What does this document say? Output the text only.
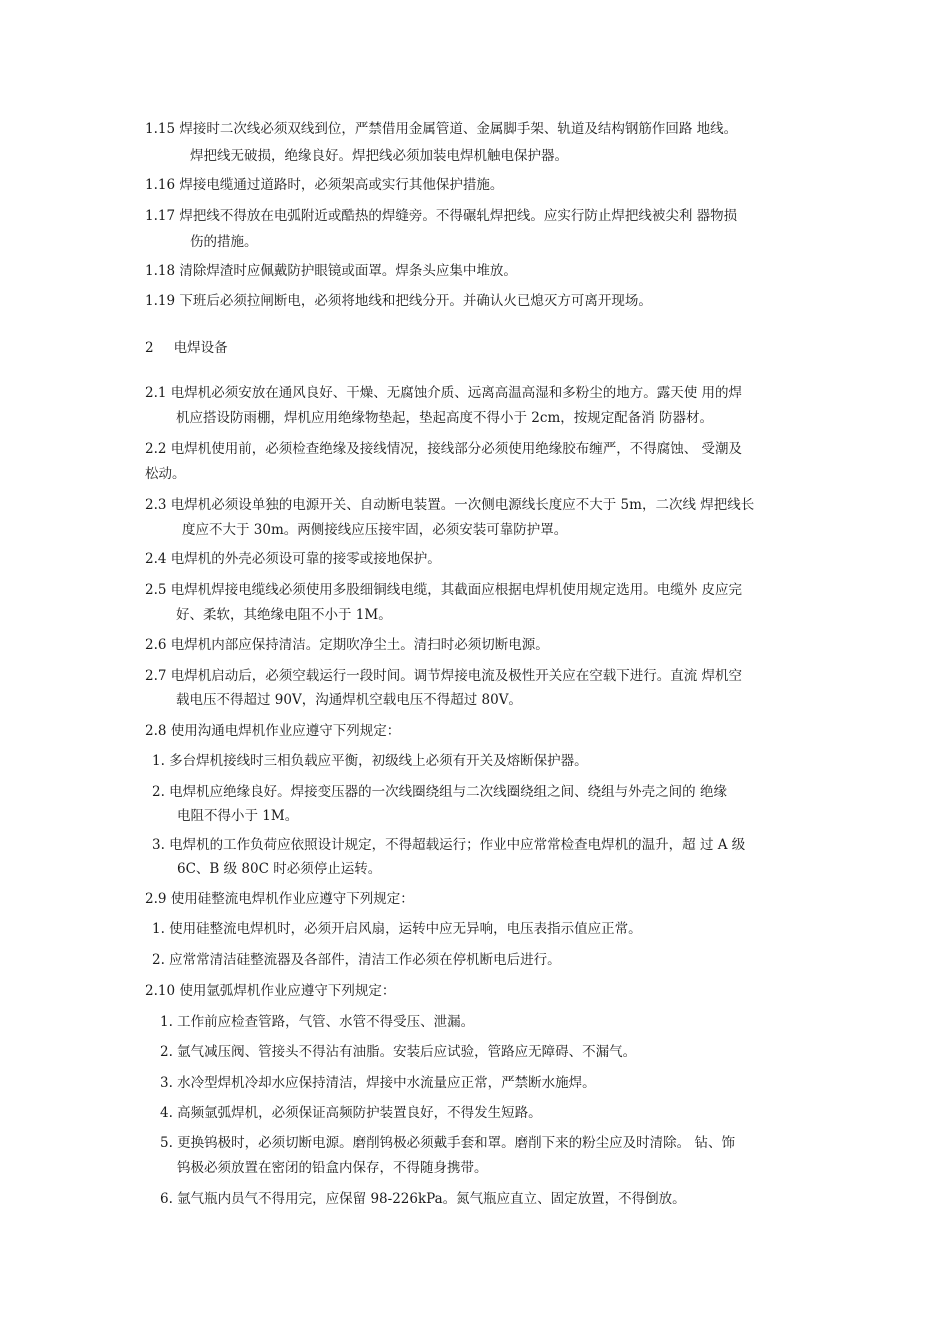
1.15 焊接时二次线必须双线到位，严禁借用金属管道、金属脚手架、轨道及结构钢筋作回路 地线。
焊把线无破损，绝缘良好。焊把线必须加装电焊机触电保护器。
1.16 焊接电缆通过道路时，必须架高或实行其他保护措施。
1.17 焊把线不得放在电弧附近或酷热的焊缝旁。不得碾轧焊把线。应实行防止焊把线被尖利 器物损
伤的措施。
1.18 清除焊渣时应佩戴防护眼镜或面罩。焊条头应集中堆放。
1.19 下班后必须拉闸断电，必须将地线和把线分开。并确认火已熄灭方可离开现场。
2 电焊设备
2.1 电焊机必须安放在通风良好、干燥、无腐蚀介质、远离高温高湿和多粉尘的地方。露天使 用的焊
机应搭设防雨棚，焊机应用绝缘物垫起，垫起高度不得小于 2cm，按规定配备消 防器材。
2.2 电焊机使用前，必须检查绝缘及接线情况，接线部分必须使用绝缘胶布缠严，不得腐蚀、 受潮及
松动。
2.3 电焊机必须设单独的电源开关、自动断电装置。一次侧电源线长度应不大于 5m，二次线 焊把线长
度应不大于 30m。两侧接线应压接牢固，必须安装可靠防护罩。
2.4 电焊机的外壳必须设可靠的接零或接地保护。
2.5 电焊机焊接电缆线必须使用多股细铜线电缆，其截面应根据电焊机使用规定选用。电缆外 皮应完
好、柔软，其绝缘电阻不小于 1M。
2.6 电焊机内部应保持清洁。定期吹净尘土。清扫时必须切断电源。
2.7 电焊机启动后，必须空载运行一段时间。调节焊接电流及极性开关应在空载下进行。直流 焊机空
载电压不得超过 90V，沟通焊机空载电压不得超过 80V。
2.8 使用沟通电焊机作业应遵守下列规定：
1. 多台焊机接线时三相负载应平衡，初级线上必须有开关及熔断保护器。
2. 电焊机应绝缘良好。焊接变压器的一次线圈绕组与二次线圈绕组之间、绕组与外壳之间的 绝缘
电阻不得小于 1M。
3. 电焊机的工作负荷应依照设计规定，不得超载运行；作业中应常常检查电焊机的温升，超 过 A 级
6C、B 级 80C 时必须停止运转。
2.9 使用硅整流电焊机作业应遵守下列规定：
1. 使用硅整流电焊机时，必须开启风扇，运转中应无异响，电压表指示值应正常。
2. 应常常清洁硅整流器及各部件，清洁工作必须在停机断电后进行。
2.10 使用氩弧焊机作业应遵守下列规定：
1. 工作前应检查管路，气管、水管不得受压、泄漏。
2. 氩气减压阀、管接头不得沾有油脂。安装后应试验，管路应无障碍、不漏气。
3. 水冷型焊机冷却水应保持清洁，焊接中水流量应正常，严禁断水施焊。
4. 高频氩弧焊机，必须保证高频防护装置良好，不得发生短路。
5. 更换钨极时，必须切断电源。磨削钨极必须戴手套和罩。磨削下来的粉尘应及时清除。 钻、饰
钨极必须放置在密闭的铅盒内保存，不得随身携带。
6. 氩气瓶内员气不得用完，应保留 98-226kPa。氮气瓶应直立、固定放置，不得倒放。
